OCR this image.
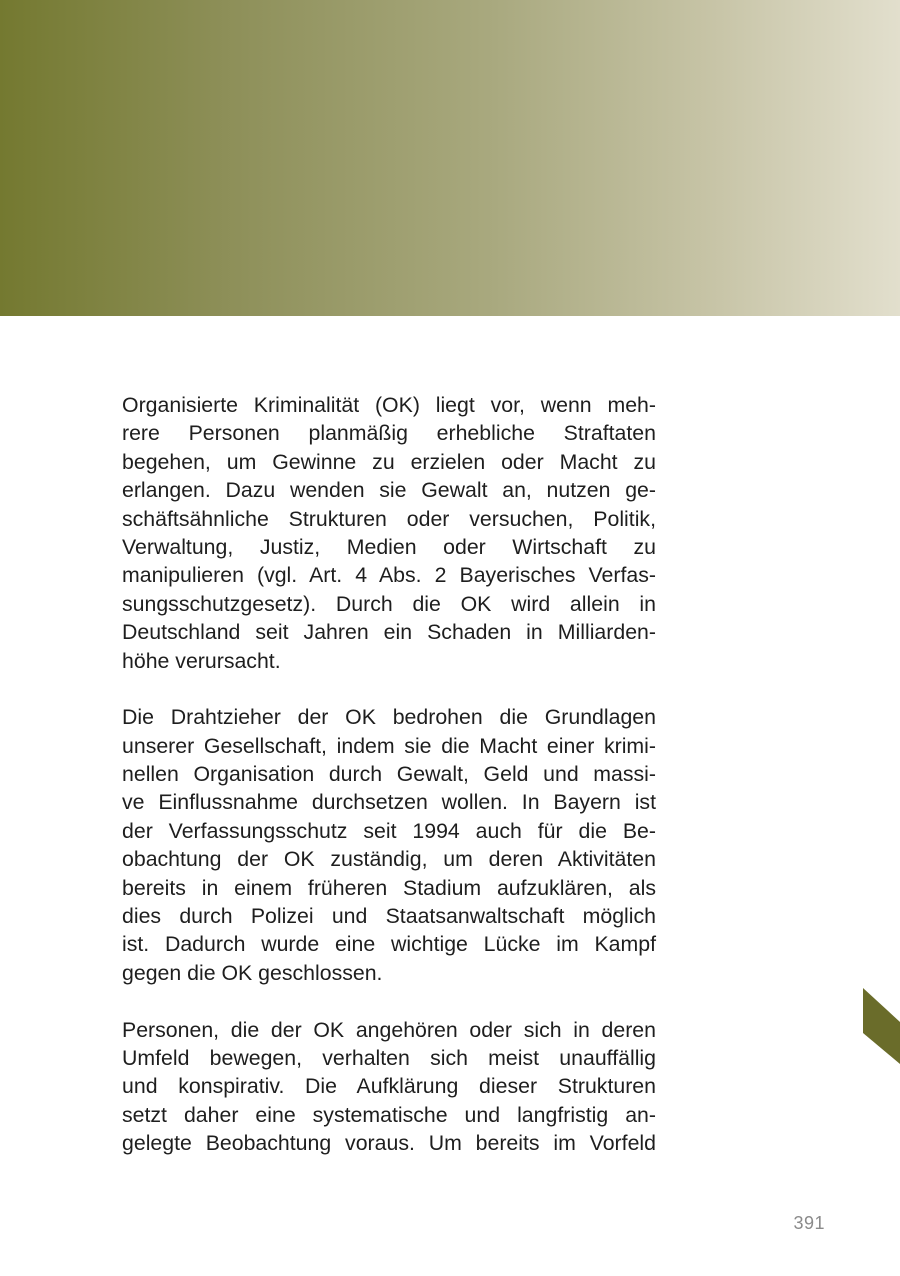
Organisierte Kriminalität (OK) liegt vor, wenn meh-
rere Personen planmäßig erhebliche Straftaten
begehen, um Gewinne zu erzielen oder Macht zu
erlangen. Dazu wenden sie Gewalt an, nutzen ge-
schäftsähnliche Strukturen oder versuchen, Politik,
Verwaltung, Justiz, Medien oder Wirtschaft zu
manipulieren (vgl. Art. 4 Abs. 2 Bayerisches Verfas-
sungsschutzgesetz). Durch die OK wird allein in
Deutschland seit Jahren ein Schaden in Milliarden-
höhe verursacht.

Die Drahtzieher der OK bedrohen die Grundlagen
unserer Gesellschaft, indem sie die Macht einer krimi-
nellen Organisation durch Gewalt, Geld und massi-
ve Einflussnahme durchsetzen wollen. In Bayern ist
der Verfassungsschutz seit 1994 auch für die Be-
obachtung der OK zuständig, um deren Aktivitäten
bereits in einem früheren Stadium aufzuklären, als
dies durch Polizei und Staatsanwaltschaft möglich
ist. Dadurch wurde eine wichtige Lücke im Kampf
gegen die OK geschlossen.

Personen, die der OK angehören oder sich in deren
Umfeld bewegen, verhalten sich meist unauffällig
und konspirativ. Die Aufklärung dieser Strukturen
setzt daher eine systematische und langfristig an-
gelegte Beobachtung voraus. Um bereits im Vorfeld

391
